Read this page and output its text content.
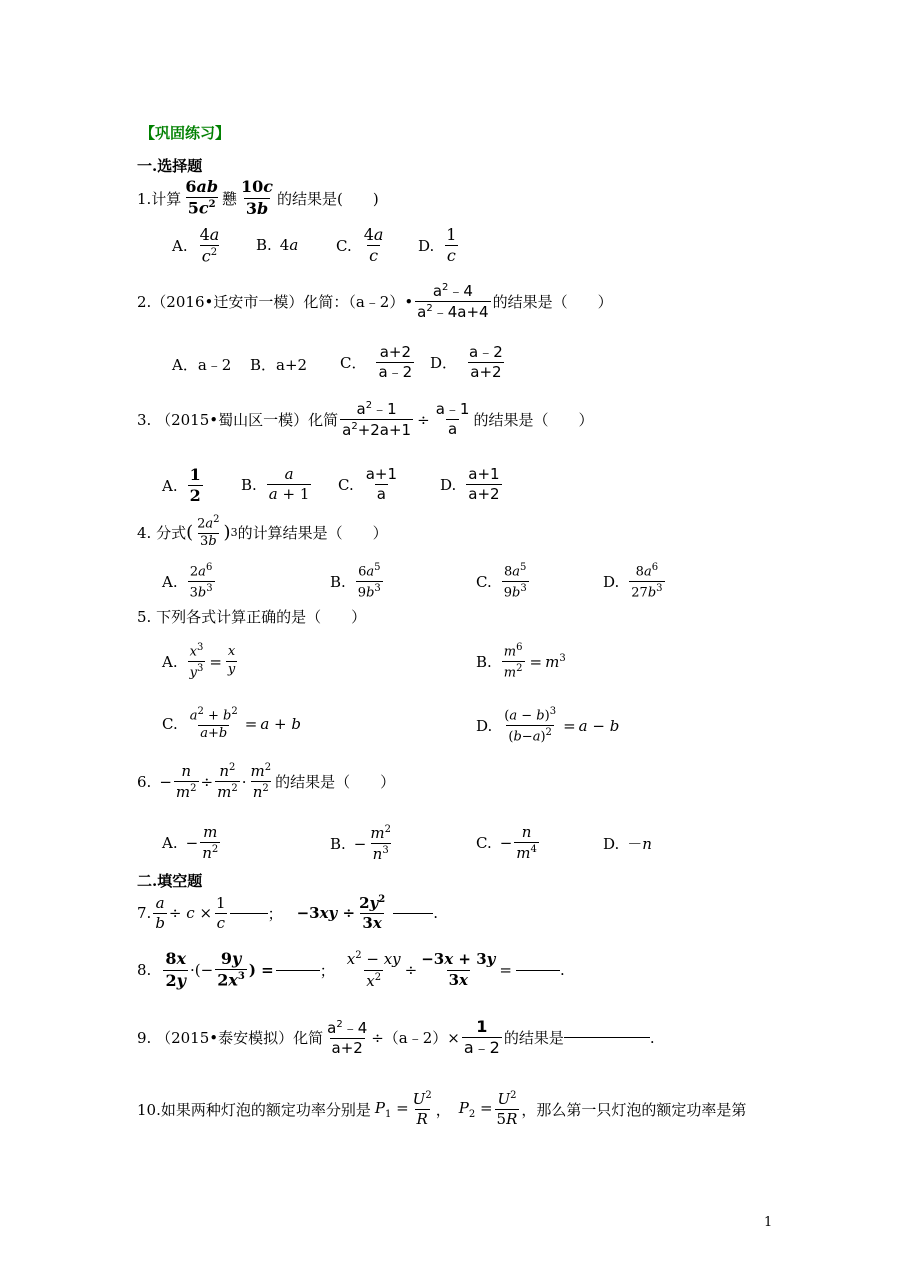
【巩固练习】
一.选择题
1.计算 $\frac{6ab}{5c^2}$ 戁 $\frac{10c}{3b}$ 的结果是(　　)
A. $\frac{4a}{c^2} B$. 4a	C. $\frac{4a}{c} D$. $\frac{1}{c}$
2.（2016•迁安市一模）化简：（a﹣2）• $\frac{a^2﹣4}{a^2﹣4a+4}$ 的结果是（　　）
A．a﹣2 B．a+2 C． $\frac{a+2}{a﹣2}$ D． $\frac{a﹣2}{a+2}$
3. （2015•蜀山区一模）化简 $\frac{a^2﹣1}{a^2+2a+1} \div \frac{a﹣1}{a}$ 的结果是（　　）
A. $\frac{1}{2}$	B. $\frac{a}{a + 1} C$. $\frac{a+1}{a}$	D. $\frac{a+1}{a+2}$
4. 分式 ( $\frac{2a^2}{3b}$ ) 3 的计算结果是（　　）
A. $\frac{2a^6}{3b^3}$	B. $\frac{6a^5}{9b^3}$	C. $\frac{8a^5}{9b^3}$	D. $\frac{8a^6}{27b^3}$
5. 下列各式计算正确的是（　　）
A. $\frac{x^3}{y^3} = \frac{x}{y}$	B. $\frac{m^6}{m^2} = m^3$
C. $\frac{a^2 + b^2}{a+b} = a + b$	D. $\frac{(a - b)^3}{(b-a)^2} = a - b$
6. − $\frac{n}{m^2} \div \frac{n^2}{m^2} \cdot \frac{m^2}{n^2}$ 的结果是（　　）
A. − $\frac{m}{n^2}$	B. − $\frac{m^2}{n^3}$	C. − $\frac{n}{m^4}$	D. －n
二.填空题
7. $\frac{a}{b} \div c \times \frac{1}{c}$	； $-3xy \div \frac{2y^2}{3x}$	.
8. $\frac{8x}{2y}$ ·(− $\frac{9y}{2x^3}$ ) =	； $\frac{x^2 - xy}{x^2} \div \frac{-3x + 3y}{3x}$ =	.
9. （2015•泰安模拟）化简 $\frac{a^2﹣4}{a+2}$ ÷（a﹣2）× $\frac{1}{a﹣2}$ 的结果是	.
10.如果两种灯泡的额定功率分别是 $P_1 = \frac{U^2}{R}$ ， $P_2 = \frac{U^2}{5R}$ ，那么第一只灯泡的额定功率是第
1
